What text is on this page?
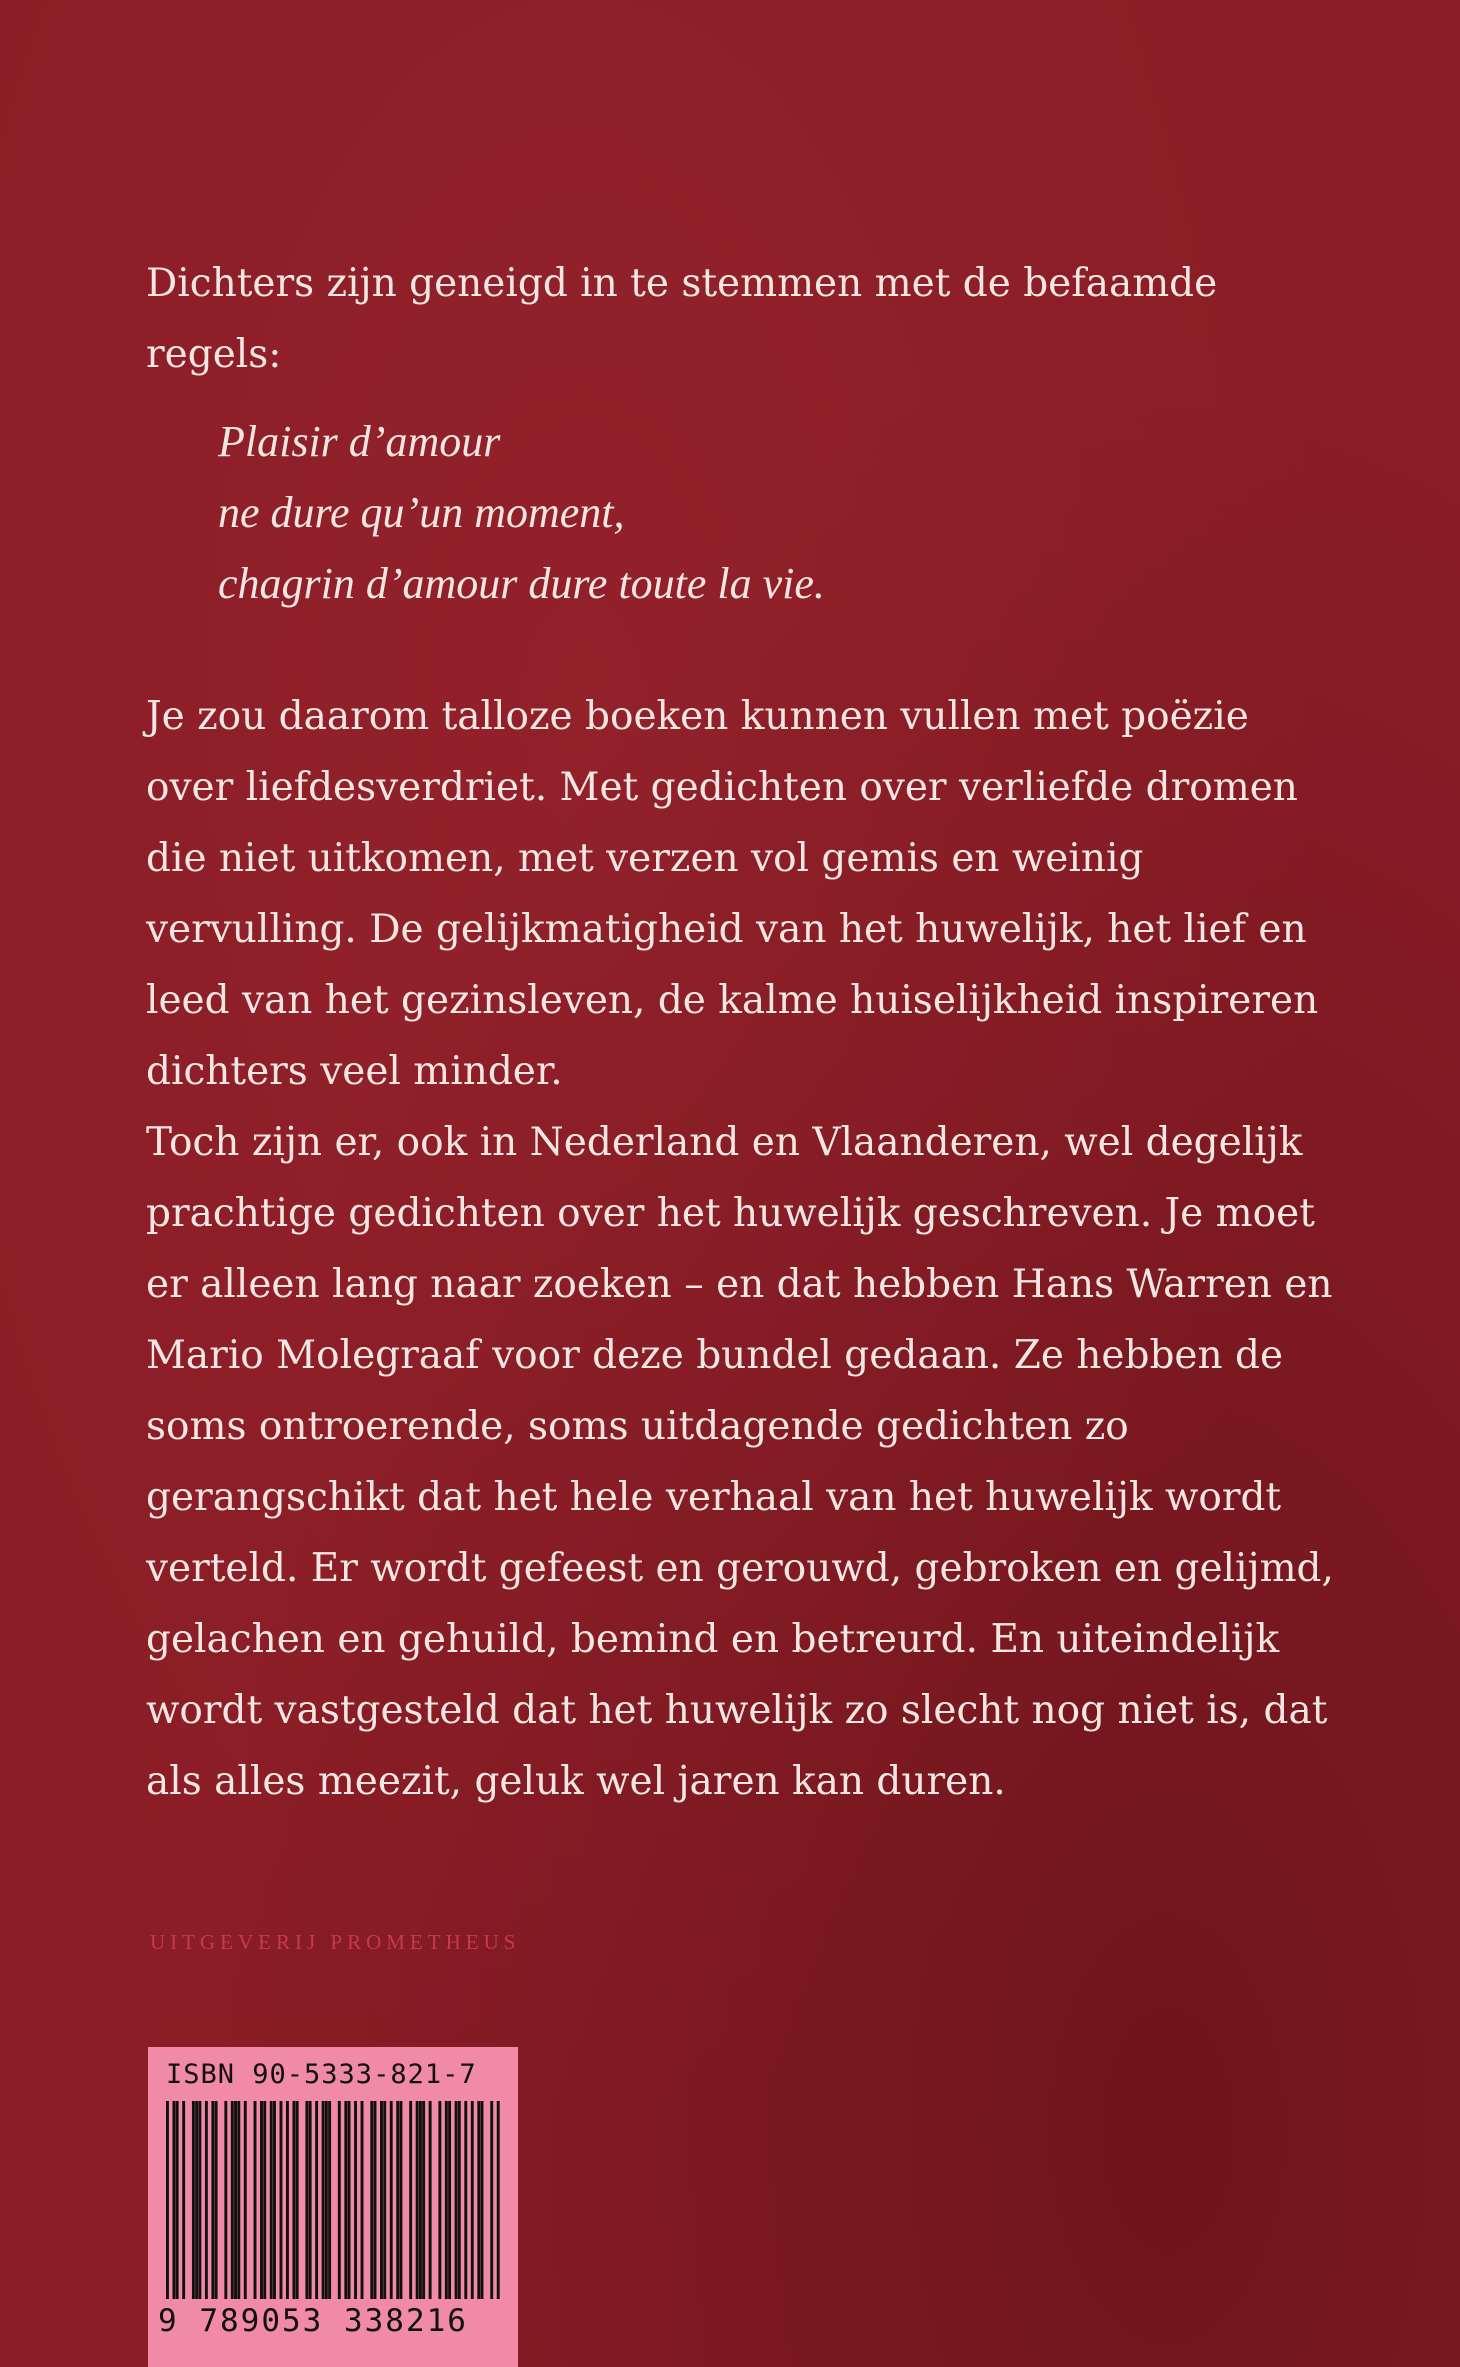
Dichters zijn geneigd in te stemmen met de befaamde regels:

Plaisir d’amour
ne dure qu’un moment,
chagrin d’amour dure toute la vie.

Je zou daarom talloze boeken kunnen vullen met poëzie over liefdesverdriet. Met gedichten over verliefde dromen die niet uitkomen, met verzen vol gemis en weinig vervulling. De gelijkmatigheid van het huwelijk, het lief en leed van het gezinsleven, de kalme huiselijkheid inspireren dichters veel minder.

Toch zijn er, ook in Nederland en Vlaanderen, wel degelijk prachtige gedichten over het huwelijk geschreven. Je moet er alleen lang naar zoeken – en dat hebben Hans Warren en Mario Molegraaf voor deze bundel gedaan. Ze hebben de soms ontroerende, soms uitdagende gedichten zo gerangschikt dat het hele verhaal van het huwelijk wordt verteld. Er wordt gefeest en gerouwd, gebroken en gelijmd, gelachen en gehuild, bemind en betreurd. En uiteindelijk wordt vastgesteld dat het huwelijk zo slecht nog niet is, dat als alles meezit, geluk wel jaren kan duren.

UITGEVERIJ PROMETHEUS
ISBN 90-5333-821-7
9 789053 338216
